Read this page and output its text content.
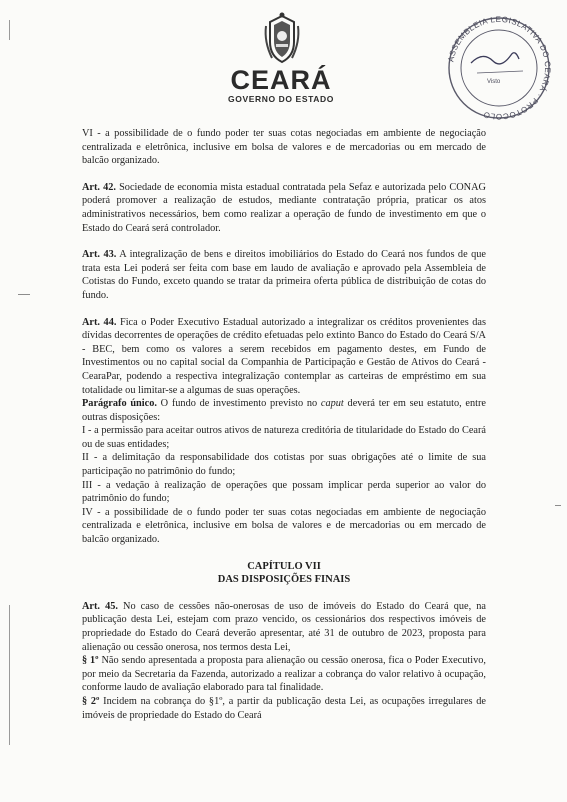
CEARÁ
GOVERNO DO ESTADO
ASSEMBLEIA LEGISLATIVA DO CEARÁ · PROTOCOLO
Visto

VI - a possibilidade de o fundo poder ter suas cotas negociadas em ambiente de negociação centralizada e eletrônica, inclusive em bolsa de valores e de mercadorias ou em mercado de balcão organizado.

Art. 42. Sociedade de economia mista estadual contratada pela Sefaz e autorizada pelo CONAG poderá promover a realização de estudos, mediante contratação própria, praticar os atos administrativos necessários, bem como realizar a operação de fundo de investimento em que o Estado do Ceará será controlador.

Art. 43. A integralização de bens e direitos imobiliários do Estado do Ceará nos fundos de que trata esta Lei poderá ser feita com base em laudo de avaliação e aprovado pela Assembleia de Cotistas do Fundo, exceto quando se tratar da primeira oferta pública de distribuição de cotas do fundo.

Art. 44. Fica o Poder Executivo Estadual autorizado a integralizar os créditos provenientes das dívidas decorrentes de operações de crédito efetuadas pelo extinto Banco do Estado do Ceará S/A - BEC, bem como os valores a serem recebidos em pagamento destes, em Fundo de Investimentos ou no capital social da Companhia de Participação e Gestão de Ativos do Ceará - CearaPar, podendo a respectiva integralização contemplar as carteiras de empréstimo em sua totalidade ou limitar-se a algumas de suas operações.

Parágrafo único. O fundo de investimento previsto no caput deverá ter em seu estatuto, entre outras disposições:

I - a permissão para aceitar outros ativos de natureza creditória de titularidade do Estado do Ceará ou de suas entidades;

II - a delimitação da responsabilidade dos cotistas por suas obrigações até o limite de sua participação no patrimônio do fundo;

III - a vedação à realização de operações que possam implicar perda superior ao valor do patrimônio do fundo;

IV - a possibilidade de o fundo poder ter suas cotas negociadas em ambiente de negociação centralizada e eletrônica, inclusive em bolsa de valores e de mercadorias ou em mercado de balcão organizado.

CAPÍTULO VII

DAS DISPOSIÇÕES FINAIS

Art. 45. No caso de cessões não-onerosas de uso de imóveis do Estado do Ceará que, na publicação desta Lei, estejam com prazo vencido, os cessionários dos respectivos imóveis de propriedade do Estado do Ceará deverão apresentar, até 31 de outubro de 2023, proposta para alienação ou cessão onerosa, nos termos desta Lei,

§ 1º Não sendo apresentada a proposta para alienação ou cessão onerosa, fica o Poder Executivo, por meio da Secretaria da Fazenda, autorizado a realizar a cobrança do valor relativo à ocupação, conforme laudo de avaliação elaborado para tal finalidade.

§ 2º Incidem na cobrança do §1º, a partir da publicação desta Lei, as ocupações irregulares de imóveis de propriedade do Estado do Ceará
